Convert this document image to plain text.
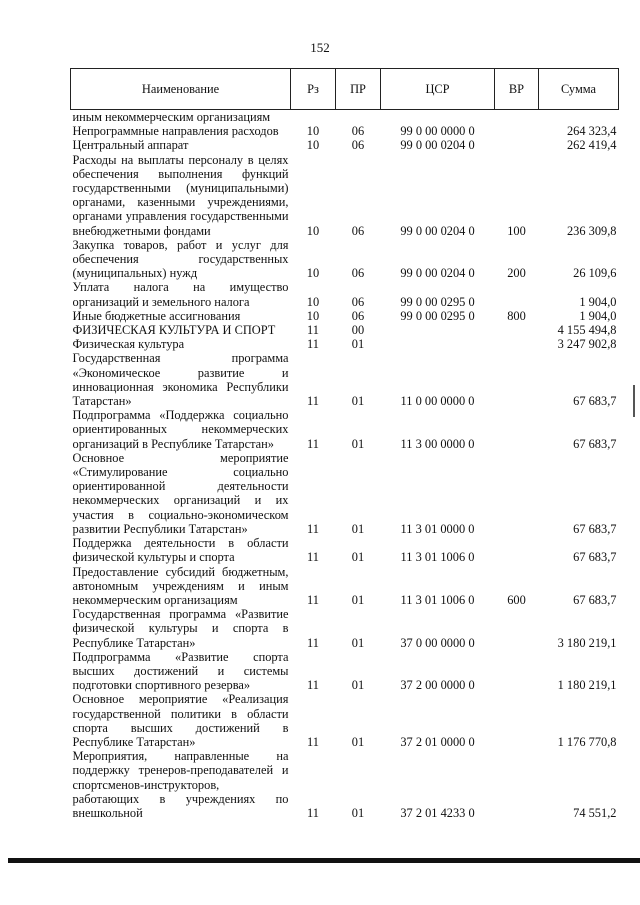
152
Наименование	Рз	ПР	ЦСР	ВР	Сумма
иным некоммерческим организациям					
Непрограммные направления расходов	10	06	99 0 00 0000 0		264 323,4
Центральный аппарат	10	06	99 0 00 0204 0		262 419,4
Расходы на выплаты персоналу в целях обеспечения выполнения функций государственными (муниципальными) органами, казенными учреждениями, органами управления государственными внебюджетными фондами	10	06	99 0 00 0204 0	100	236 309,8
Закупка товаров, работ и услуг для обеспечения государственных (муниципальных) нужд	10	06	99 0 00 0204 0	200	26 109,6
Уплата налога на имущество организаций и земельного налога	10	06	99 0 00 0295 0		1 904,0
Иные бюджетные ассигнования	10	06	99 0 00 0295 0	800	1 904,0
ФИЗИЧЕСКАЯ КУЛЬТУРА И СПОРТ	11	00			4 155 494,8
Физическая культура	11	01			3 247 902,8
Государственная программа «Экономическое развитие и инновационная экономика Республики Татарстан»	11	01	11 0 00 0000 0		67 683,7
Подпрограмма «Поддержка социально ориентированных некоммерческих организаций в Республике Татарстан»	11	01	11 3 00 0000 0		67 683,7
Основное мероприятие «Стимулирование социально ориентированной деятельности некоммерческих организаций и их участия в социально-экономическом развитии Республики Татарстан»	11	01	11 3 01 0000 0		67 683,7
Поддержка деятельности в области физической культуры и спорта	11	01	11 3 01 1006 0		67 683,7
Предоставление субсидий бюджетным, автономным учреждениям и иным некоммерческим организациям	11	01	11 3 01 1006 0	600	67 683,7
Государственная программа «Развитие физической культуры и спорта в Республике Татарстан»	11	01	37 0 00 0000 0		3 180 219,1
Подпрограмма «Развитие спорта высших достижений и системы подготовки спортивного резерва»	11	01	37 2 00 0000 0		1 180 219,1
Основное мероприятие «Реализация государственной политики в области спорта высших достижений в Республике Татарстан»	11	01	37 2 01 0000 0		1 176 770,8
Мероприятия, направленные на поддержку тренеров-преподавателей и спортсменов-инструкторов, работающих в учреждениях по внешкольной	11	01	37 2 01 4233 0		74 551,2
